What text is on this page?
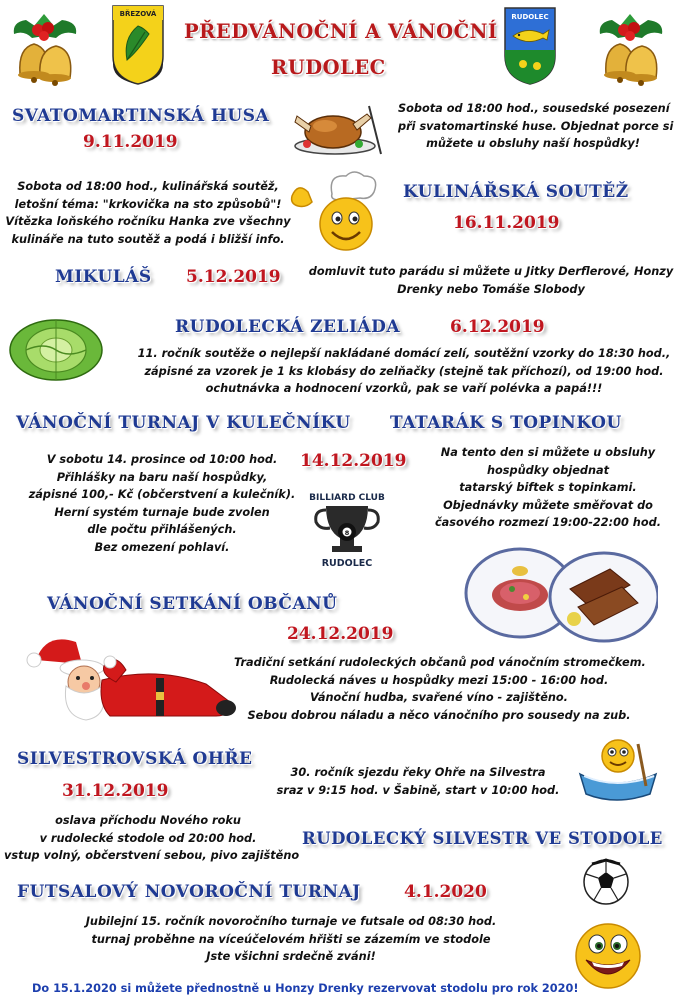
BŘEZOVÁ
PŘEDVÁNOČNÍ A VÁNOČNÍ
RUDOLEC
RUDOLEC
SVATOMARTINSKÁ HUSA
9.11.2019
Sobota od 18:00 hod., sousedské posezení
při svatomartinské huse. Objednat porce si
můžete u obsluhy naší hospůdky!
Sobota od 18:00 hod., kulinářská soutěž,
letošní téma: "krkovička na sto způsobů"!
Vítězka loňského ročníku Hanka zve všechny
kulináře na tuto soutěž a podá i bližší info.
KULINÁŘSKÁ SOUTĚŽ
16.11.2019
MIKULÁŠ 5.12.2019 domluvit tuto parádu si můžete u Jitky Derflerové, Honzy
Drenky nebo Tomáše Slobody
RUDOLECKÁ ZELIÁDA	6.12.2019
11. ročník soutěže o nejlepší nakládané domácí zelí, soutěžní vzorky do 18:30 hod.,
zápisné za vzorek je 1 ks klobásy do zelňačky (stejně tak příchozí), od 19:00 hod.
ochutnávka a hodnocení vzorků, pak se vaří polévka a papá!!!
VÁNOČNÍ TURNAJ V KULEČNÍKU TATARÁK S TOPINKOU
V sobotu 14. prosince od 10:00 hod.
Přihlášky na baru naší hospůdky,
zápisné 100,- Kč (občerstvení a kulečník).
Herní systém turnaje bude zvolen
dle počtu přihlášených.
Bez omezení pohlaví.
14.12.2019	Na tento den si můžete u obsluhy
hospůdky objednat
tatarský biftek s topinkami.
Objednávky můžete směřovat do
časového rozmezí 19:00-22:00 hod.
BILLIARD CLUB
8
RUDOLEC
VÁNOČNÍ SETKÁNÍ OBČANŮ
24.12.2019
Tradiční setkání rudoleckých občanů pod vánočním stromečkem.
Rudolecká náves u hospůdky mezi 15:00 - 16:00 hod.
Vánoční hudba, svařené víno - zajištěno.
Sebou dobrou náladu a něco vánočního pro sousedy na zub.
SILVESTROVSKÁ OHŘE
31.12.2019
30. ročník sjezdu řeky Ohře na Silvestra
sraz v 9:15 hod. v Šabině, start v 10:00 hod.
oslava příchodu Nového roku
v rudolecké stodole od 20:00 hod.
vstup volný, občerstvení sebou, pivo zajištěno
RUDOLECKÝ SILVESTR VE STODOLE
FUTSALOVÝ NOVOROČNÍ TURNAJ	4.1.2020
Jubilejní 15. ročník novoročního turnaje ve futsale od 08:30 hod.
turnaj proběhne na víceúčelovém hřišti se zázemím ve stodole
Jste všichni srdečně zváni!
Do 15.1.2020 si můžete přednostně u Honzy Drenky rezervovat stodolu pro rok 2020!
